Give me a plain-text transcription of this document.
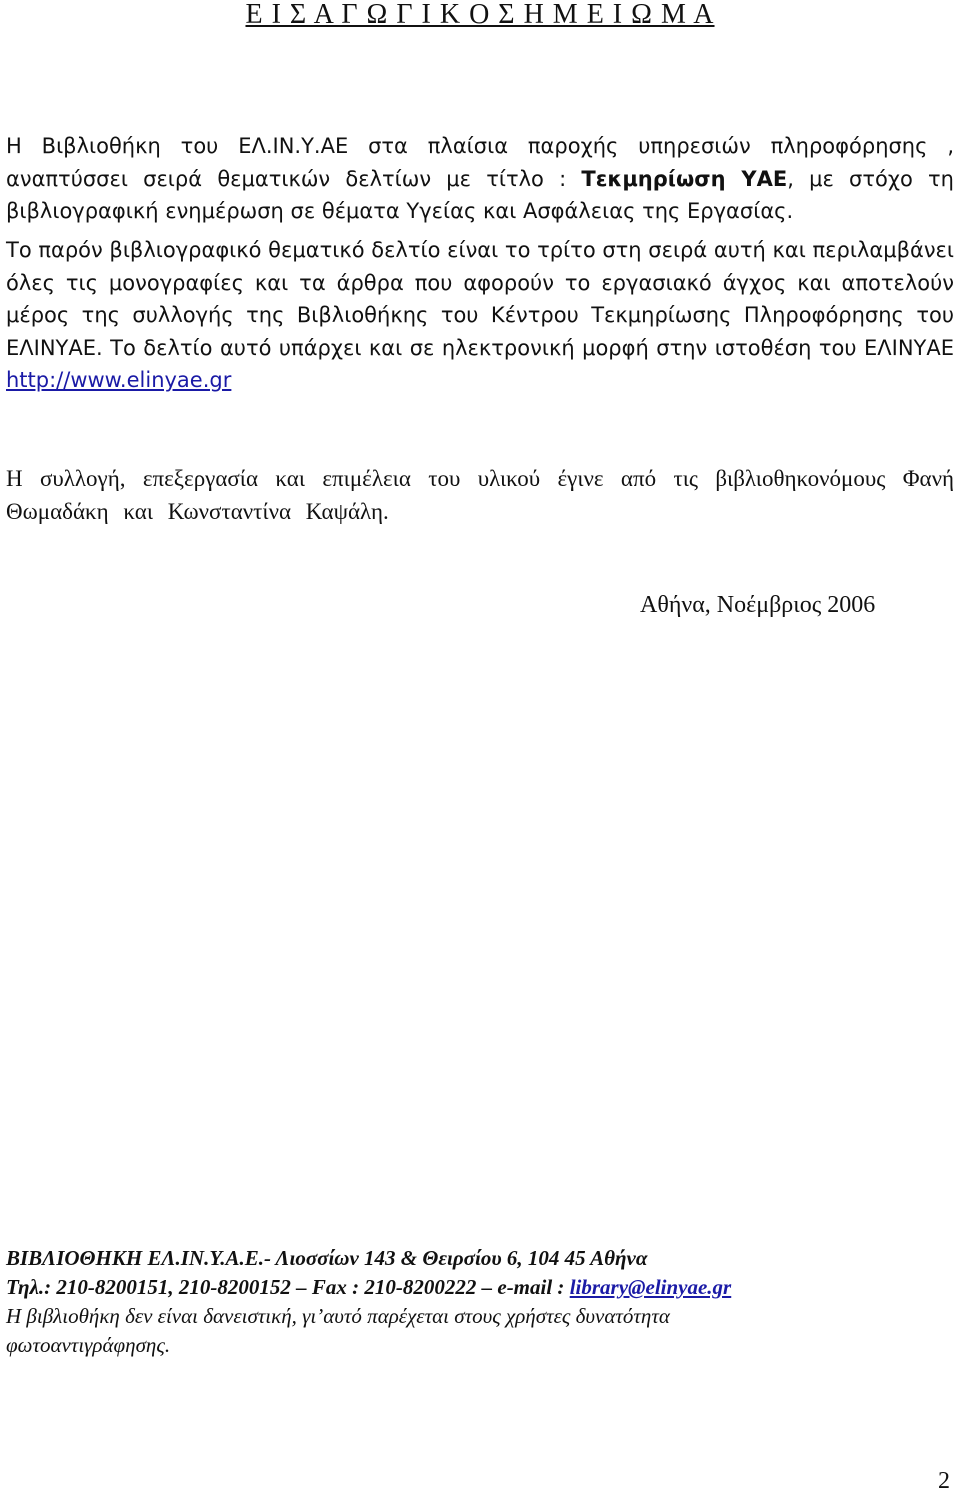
Ε Ι Σ Α Γ Ω Γ Ι Κ Ο Σ Η Μ Ε Ι Ω Μ Α

Η Βιβλιοθήκη του ΕΛ.ΙΝ.Υ.ΑΕ στα πλαίσια παροχής υπηρεσιών πληροφόρησης , αναπτύσσει σειρά θεματικών δελτίων με τίτλο : Τεκμηρίωση ΥΑΕ, με στόχο τη βιβλιογραφική ενημέρωση σε θέματα Υγείας και Ασφάλειας της Εργασίας.

Το παρόν βιβλιογραφικό θεματικό δελτίο είναι το τρίτο στη σειρά αυτή και περιλαμβάνει όλες τις μονογραφίες και τα άρθρα που αφορούν το εργασιακό άγχος και αποτελούν μέρος της συλλογής της Βιβλιοθήκης του Κέντρου Τεκμηρίωσης Πληροφόρησης του ΕΛΙΝΥΑΕ. Το δελτίο αυτό υπάρχει και σε ηλεκτρονική μορφή στην ιστοθέση του ΕΛΙΝΥΑΕ http://www.elinyae.gr

Η συλλογή, επεξεργασία και επιμέλεια του υλικού έγινε από τις βιβλιοθηκονόμους Φανή Θωμαδάκη και Κωνσταντίνα Καψάλη.

Αθήνα, Νοέμβριος 2006

ΒΙΒΛΙΟΘΗΚΗ ΕΛ.ΙΝ.Υ.Α.Ε.- Λιοσσίων 143 & Θειρσίου 6, 104 45 Αθήνα
Τηλ.: 210-8200151, 210-8200152 – Fax : 210-8200222 – e-mail : library@elinyae.gr
Η βιβλιοθήκη δεν είναι δανειστική, γι’αυτό παρέχεται στους χρήστες δυνατότητα
φωτοαντιγράφησης.

2
